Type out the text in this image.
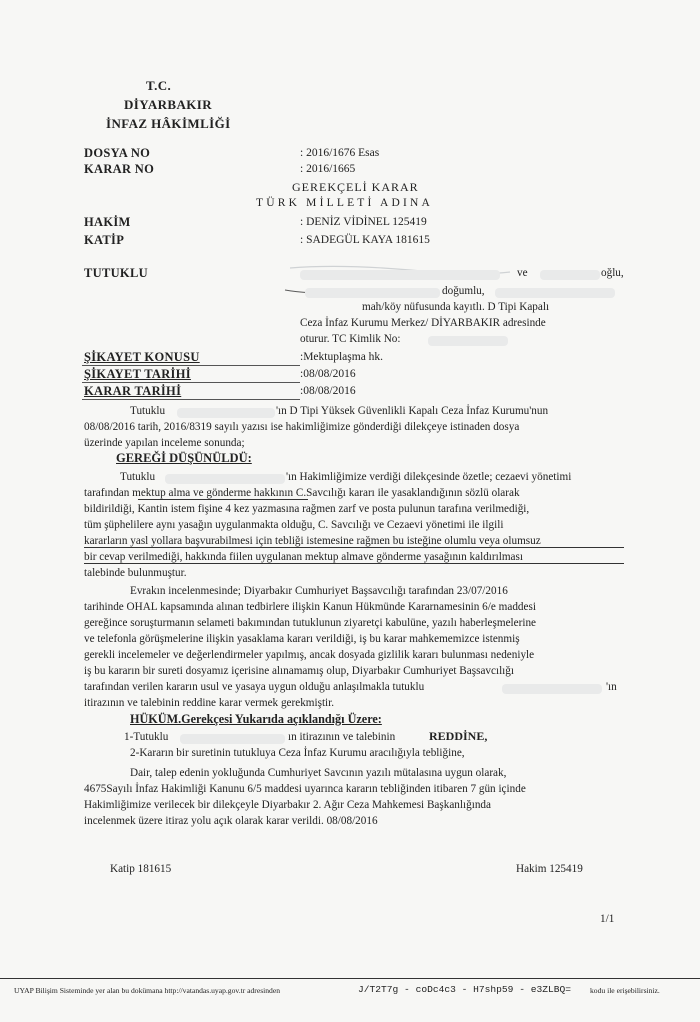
T.C.
DİYARBAKIR
İNFAZ HÂKİMLİĞİ
DOSYA NO	: 2016/1676 Esas
KARAR NO	: 2016/1665
GEREKÇELİ KARAR
TÜRK MİLLETİ ADINA
HAKİM	: DENİZ VİDİNEL 125419
KATİP	: SADEGÜL KAYA 181615
TUTUKLU	ve	oğlu,
doğumlu,
mah/köy nüfusunda kayıtlı. D Tipi Kapalı
Ceza İnfaz Kurumu Merkez/ DİYARBAKIR adresinde
oturur. TC Kimlik No:
ŞİKAYET KONUSU	:Mektuplaşma hk.
ŞİKAYET TARİHİ	:08/08/2016
KARAR TARİHİ	:08/08/2016
Tutuklu	'ın D Tipi Yüksek Güvenlikli Kapalı Ceza İnfaz Kurumu'nun
08/08/2016 tarih, 2016/8319 sayılı yazısı ise hakimliğimize gönderdiği dilekçeye istinaden dosya
üzerinde yapılan inceleme sonunda;
GEREĞİ DÜŞÜNÜLDÜ:
Tutuklu	'ın Hakimliğimize verdiği dilekçesinde özetle; cezaevi yönetimi
tarafından mektup alma ve gönderme hakkının C.Savcılığı kararı ile yasaklandığının sözlü olarak
bildirildiği, Kantin istem fişine 4 kez yazmasına rağmen zarf ve posta pulunun tarafına verilmediği,
tüm şüphelilere aynı yasağın uygulanmakta olduğu, C. Savcılığı ve Cezaevi yönetimi ile ilgili
kararların yasl yollara başvurabilmesi için tebliği istemesine rağmen bu isteğine olumlu veya olumsuz
bir cevap verilmediği, hakkında fiilen uygulanan mektup almave gönderme yasağının kaldırılması
talebinde bulunmuştur.
Evrakın incelenmesinde; Diyarbakır Cumhuriyet Başsavcılığı tarafından 23/07/2016
tarihinde OHAL kapsamında alınan tedbirlere ilişkin Kanun Hükmünde Kararnamesinin 6/e maddesi
gereğince soruşturmanın selameti bakımından tutuklunun ziyaretçi kabulüne, yazılı haberleşmelerine
ve telefonla görüşmelerine ilişkin yasaklama kararı verildiği, iş bu karar mahkememizce istenmiş
gerekli incelemeler ve değerlendirmeler yapılmış, ancak dosyada gizlilik kararı bulunması nedeniyle
iş bu kararın bir sureti dosyamız içerisine alınamamış olup, Diyarbakır Cumhuriyet Başsavcılığı
tarafından verilen kararın usul ve yasaya uygun olduğu anlaşılmakla tutuklu	'ın
itirazının ve talebinin reddine karar vermek gerekmiştir.
HÜKÜM.Gerekçesi Yukarıda açıklandığı Üzere:
1-Tutuklu	ın itirazının ve talebinin	REDDİNE,
2-Kararın bir suretinin tutukluya Ceza İnfaz Kurumu aracılığıyla tebliğine,
Dair, talep edenin yokluğunda Cumhuriyet Savcının yazılı mütalasına uygun olarak,
4675Sayılı İnfaz Hakimliği Kanunu 6/5 maddesi uyarınca kararın tebliğinden itibaren 7 gün içinde
Hakimliğimize verilecek bir dilekçeyle Diyarbakır 2. Ağır Ceza Mahkemesi Başkanlığında
incelenmek üzere itiraz yolu açık olarak karar verildi. 08/08/2016
Katip 181615	Hakim 125419
1/1
UYAP Bilişim Sisteminde yer alan bu dokümana http://vatandas.uyap.gov.tr adresinden	J/T2T7g - coDc4c3 - H7shp59 - e3ZLBQ= kodu ile erişebilirsiniz.
